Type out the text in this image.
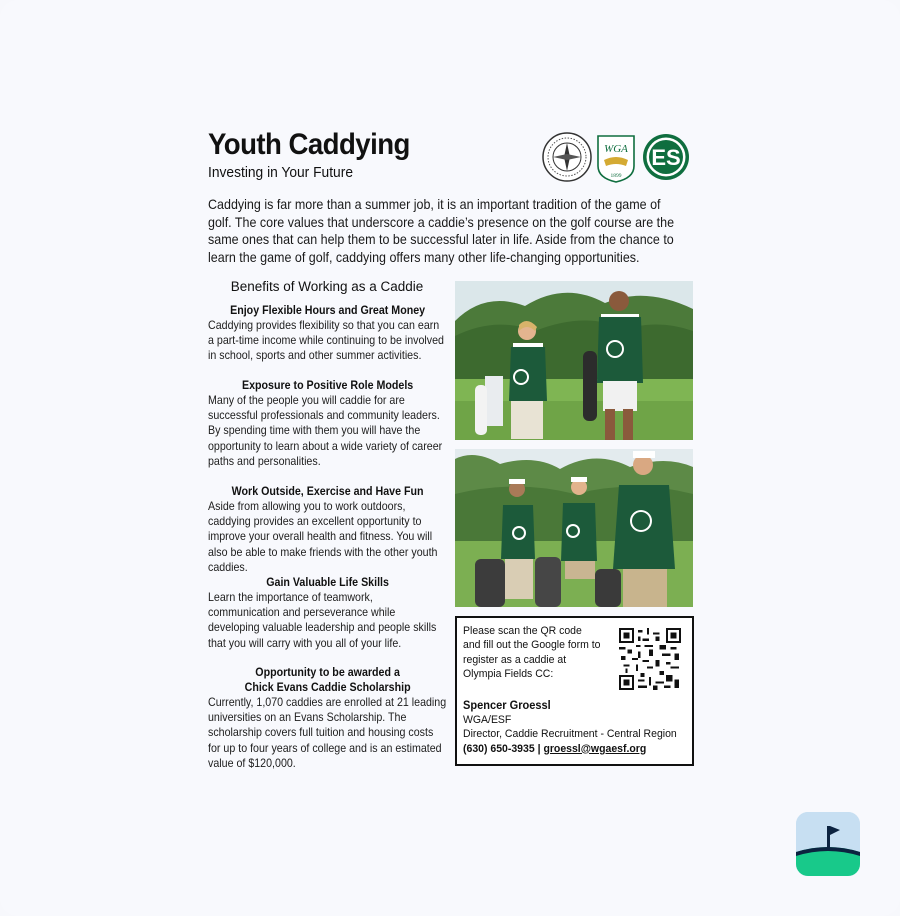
Youth Caddying
Investing in Your Future
WGA
1899
ES

Caddying is far more than a summer job, it is an important tradition of the game of golf. The core values that underscore a caddie’s presence on the golf course are the same ones that can help them to be successful later in life. Aside from the chance to learn the game of golf, caddying offers many other life-changing opportunities.

Benefits of Working as a Caddie
Enjoy Flexible Hours and Great Money

Caddying provides flexibility so that you can earn a part-time income while continuing to be involved in school, sports and other summer activities.

Exposure to Positive Role Models

Many of the people you will caddie for are successful professionals and community leaders. By spending time with them you will have the opportunity to learn about a wide variety of career paths and personalities.

Work Outside, Exercise and Have Fun

Aside from allowing you to work outdoors, caddying provides an excellent opportunity to improve your overall health and fitness. You will also be able to make friends with the other youth caddies.

Gain Valuable Life Skills

Learn the importance of teamwork, communication and perseverance while developing valuable leadership and people skills that you will carry with you all of your life.

Opportunity to be awarded a
Chick Evans Caddie Scholarship

Currently, 1,070 caddies are enrolled at 21 leading universities on an Evans Scholarship. The scholarship covers full tuition and housing costs for up to four years of college and is an estimated value of $120,000.

Please scan the QR code and fill out the Google form to register as a caddie at Olympia Fields CC:

Spencer Groessl
WGA/ESF
Director, Caddie Recruitment - Central Region
(630) 650-3935 | groessl@wgaesf.org
